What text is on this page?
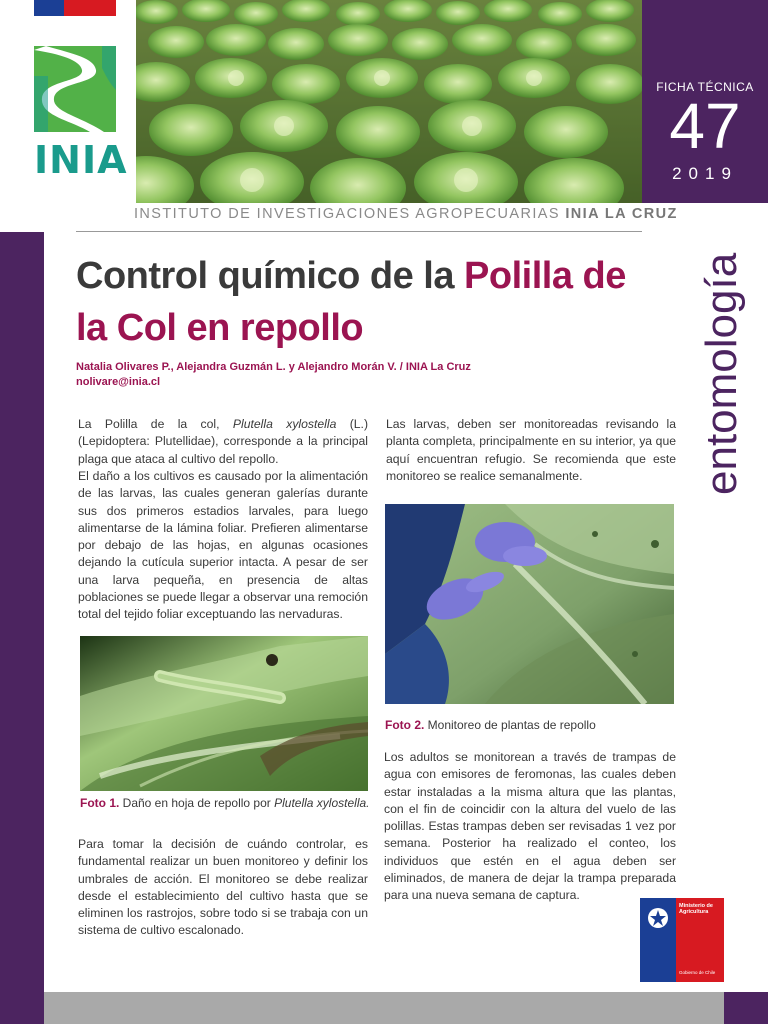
INIA
FICHA TÉCNICA
47
2019
INSTITUTO DE INVESTIGACIONES AGROPECUARIAS INIA LA CRUZ
entomología
Control químico de la Polilla de
la Col en repollo
Natalia Olivares P., Alejandra Guzmán L. y Alejandro Morán V. / INIA La Cruz
nolivare@inia.cl

La Polilla de la col, Plutella xylostella (L.) (Lepidoptera: Plutellidae), corresponde a la principal plaga que ataca al cultivo del repollo.

El daño a los cultivos es causado por la alimentación de las larvas, las cuales generan galerías durante sus dos primeros estadios larvales, para luego alimentarse de la lámina foliar. Prefieren alimentarse por debajo de las hojas, en algunas ocasiones dejando la cutícula superior intacta. A pesar de ser una larva pequeña, en presencia de altas poblaciones se puede llegar a observar una remoción total del tejido foliar exceptuando las nervaduras.

Foto 1. Daño en hoja de repollo por Plutella xylostella.

Para tomar la decisión de cuándo controlar, es fundamental realizar un buen monitoreo y definir los umbrales de acción. El monitoreo se debe realizar desde el establecimiento del cultivo hasta que se eliminen los rastrojos, sobre todo si se trabaja con un sistema de cultivo escalonado.

Las larvas, deben ser monitoreadas revisando la planta completa, principalmente en su interior, ya que aquí encuentran refugio. Se recomienda que este monitoreo se realice semanalmente.

Foto 2. Monitoreo de plantas de repollo

Los adultos se monitorean a través de trampas de agua con emisores de feromonas, las cuales deben estar instaladas a la misma altura que las plantas, con el fin de coincidir con la altura del vuelo de las polillas. Estas trampas deben ser revisadas 1 vez por semana. Posterior ha realizado el conteo, los individuos que estén en el agua deben ser eliminados, de manera de dejar la trampa preparada para una nueva semana de captura.

Ministerio de Agricultura
Gobierno de Chile
